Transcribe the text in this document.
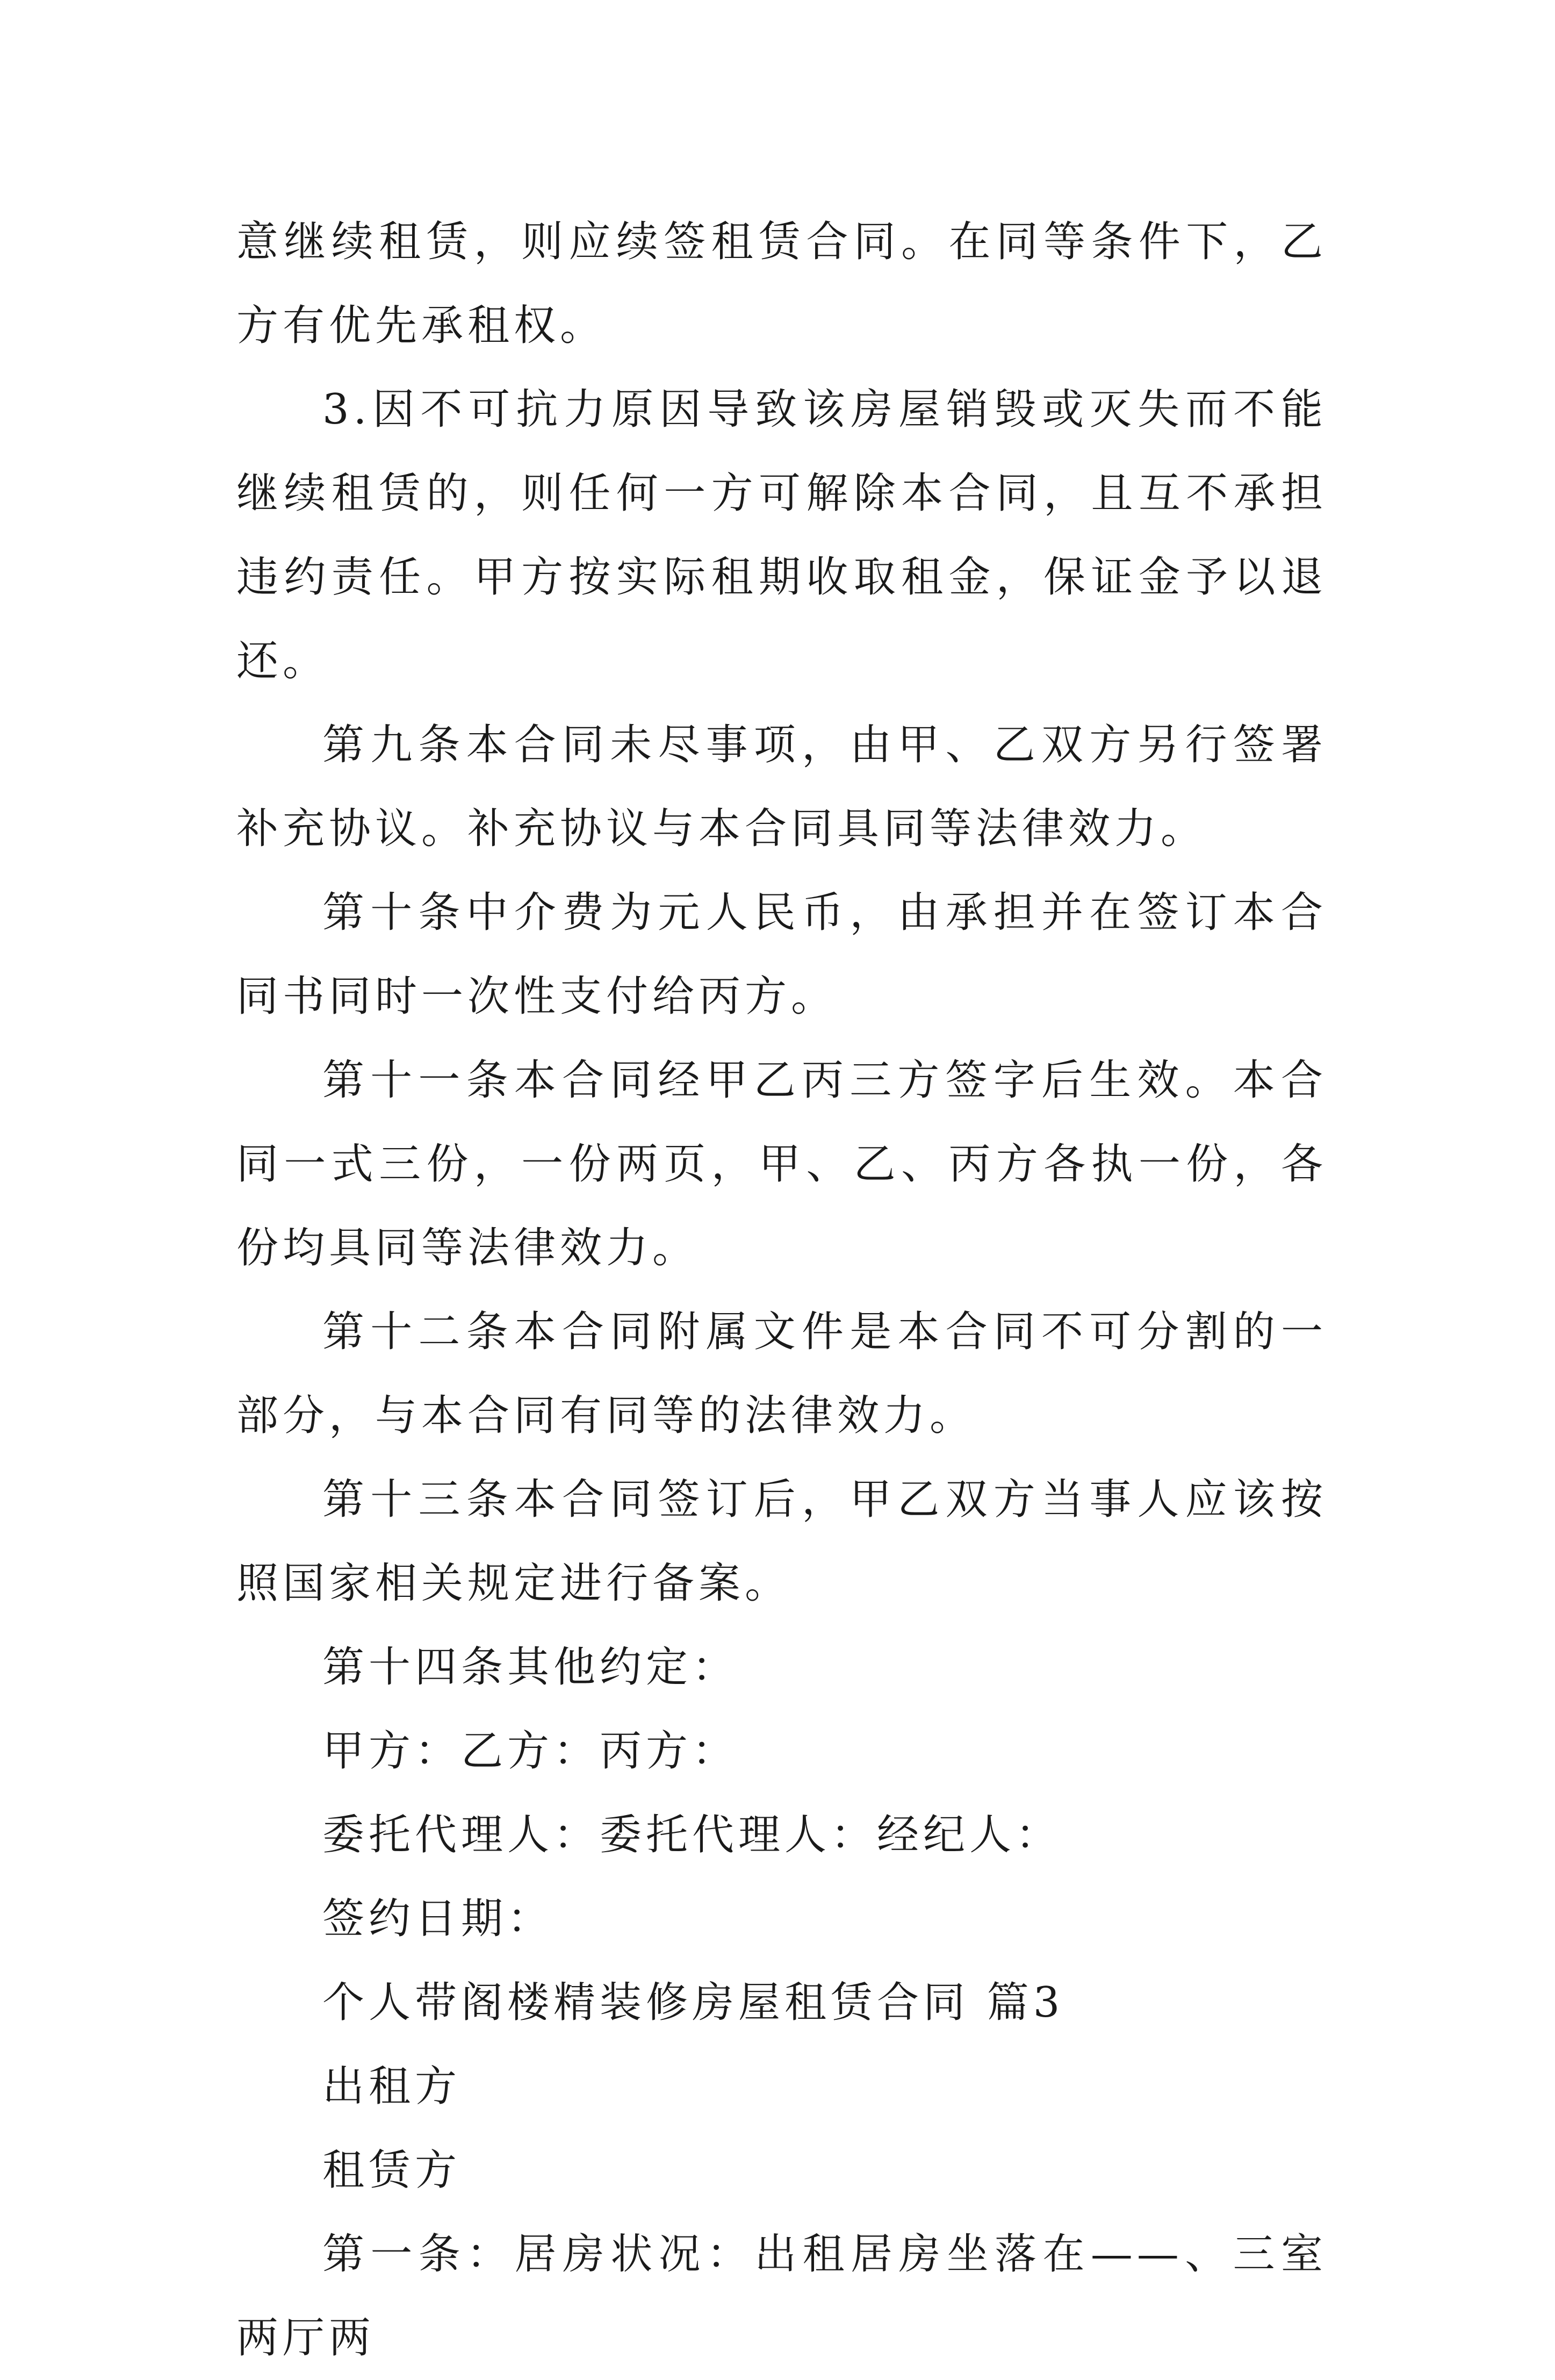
意继续租赁，则应续签租赁合同。在同等条件下，乙方有优先承租权。

3.因不可抗力原因导致该房屋销毁或灭失而不能继续租赁的，则任何一方可解除本合同，且互不承担违约责任。甲方按实际租期收取租金，保证金予以退还。

第九条本合同未尽事项，由甲、乙双方另行签署补充协议。补充协议与本合同具同等法律效力。

第十条中介费为元人民币，由承担并在签订本合同书同时一次性支付给丙方。

第十一条本合同经甲乙丙三方签字后生效。本合同一式三份，一份两页，甲、乙、丙方各执一份，各份均具同等法律效力。

第十二条本合同附属文件是本合同不可分割的一部分，与本合同有同等的法律效力。

第十三条本合同签订后，甲乙双方当事人应该按照国家相关规定进行备案。

第十四条其他约定：

甲方：乙方：丙方：

委托代理人：委托代理人：经纪人：

签约日期：

个人带阁楼精装修房屋租赁合同 篇3

出租方

租赁方

第一条：居房状况：出租居房坐落在——、三室两厅两
